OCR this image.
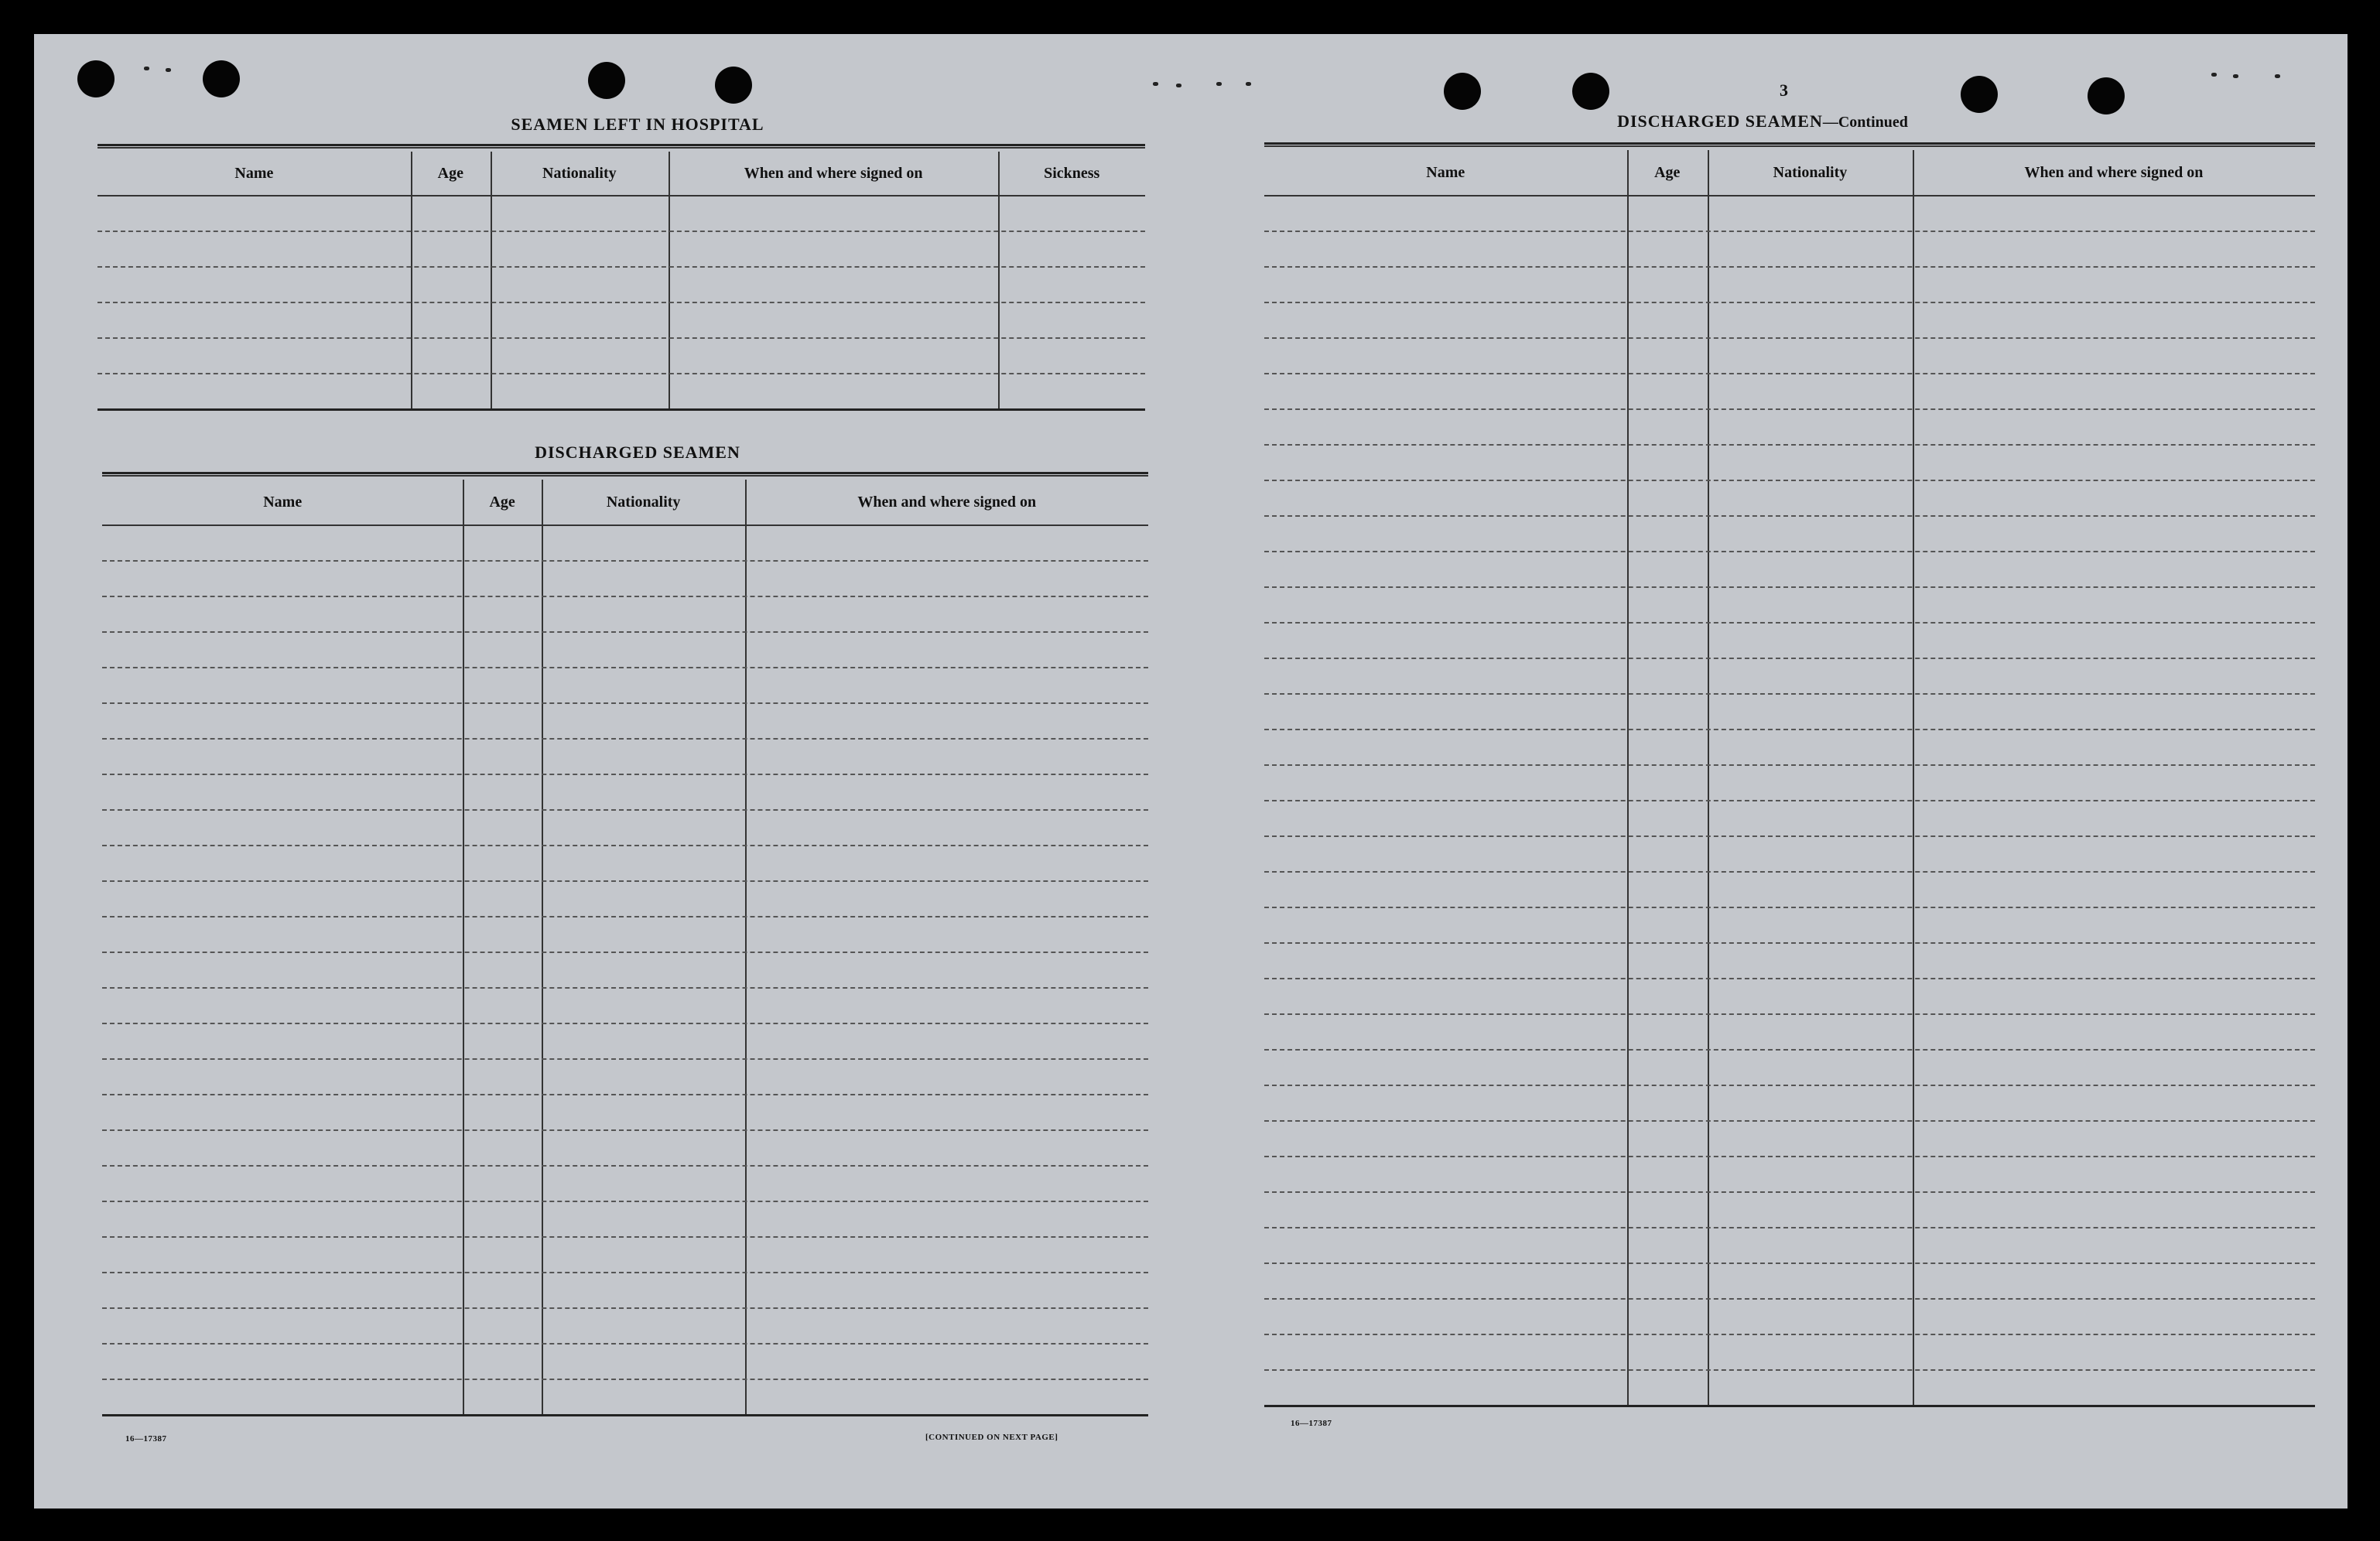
3
SEAMEN LEFT IN HOSPITAL
Name	Age	Nationality	When and where signed on	Sickness
DISCHARGED SEAMEN
Name	Age	Nationality	When and where signed on
16—17387	[CONTINUED ON NEXT PAGE]
DISCHARGED SEAMEN—Continued
Name	Age	Nationality	When and where signed on
16—17387
